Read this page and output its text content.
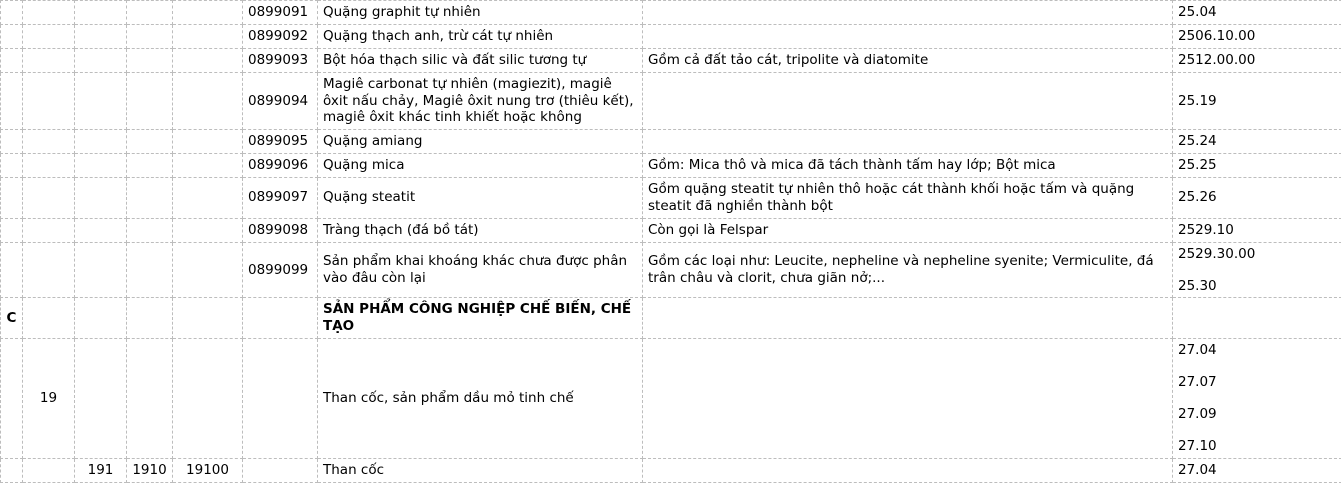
					0899091	Quặng graphit tự nhiên		25.04

					0899092	Quặng thạch anh, trừ cát tự nhiên		2506.10.00

					0899093	Bột hóa thạch silic và đất silic tương tự	Gồm cả đất tảo cát, tripolite và diatomite	2512.00.00

					0899094	Magiê carbonat tự nhiên (magiezit), magiê ôxit nấu chảy, Magiê ôxit nung trơ (thiêu kết), magiê ôxit khác tinh khiết hoặc không		25.19

					0899095	Quặng amiang		25.24

					0899096	Quặng mica	Gồm: Mica thô và mica đã tách thành tấm hay lớp; Bột mica	25.25

					0899097	Quặng steatit	Gồm quặng steatit tự nhiên thô hoặc cát thành khối hoặc tấm và quặng steatit đã nghiền thành bột	25.26

					0899098	Tràng thạch (đá bồ tát)	Còn gọi là Felspar	2529.10

					0899099	Sản phẩm khai khoáng khác chưa được phân vào đâu còn lại	Gồm các loại như: Leucite, nepheline và nepheline syenite; Vermiculite, đá trân châu và clorit, chưa giãn nở;...	2529.30.00
25.30

C						SẢN PHẨM CÔNG NGHIỆP CHẾ BIẾN, CHẾ TẠO		
	19					Than cốc, sản phẩm dầu mỏ tinh chế		27.04
27.07
27.09
27.10

		191	1910	19100		Than cốc		27.04
